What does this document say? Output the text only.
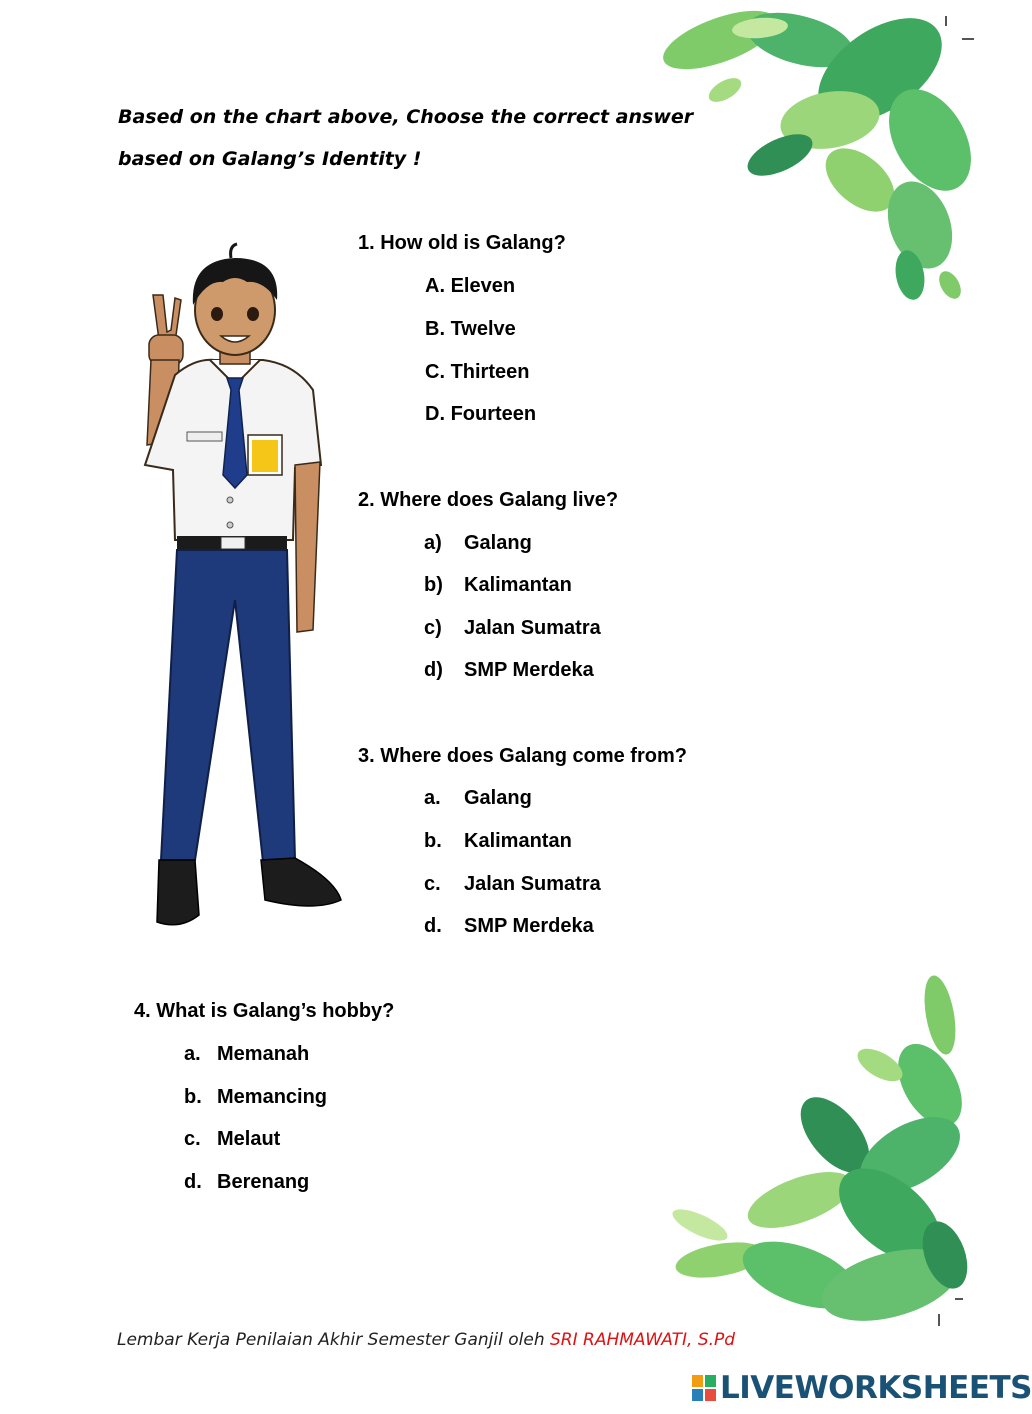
Based on the chart above, Choose the correct answer
based on Galang’s Identity !
1. How old is Galang?
A. Eleven
B. Twelve
C. Thirteen
D. Fourteen
2. Where does Galang live?
a) Galang
b) Kalimantan
c) Jalan Sumatra
d) SMP Merdeka
3. Where does Galang come from?
a. Galang
b. Kalimantan
c. Jalan Sumatra
d. SMP Merdeka
4. What is Galang’s hobby?
a. Memanah
b. Memancing
c. Melaut
d. Berenang
Lembar Kerja Penilaian Akhir Semester Ganjil oleh SRI RAHMAWATI, S.Pd
LIVEWORKSHEETS
